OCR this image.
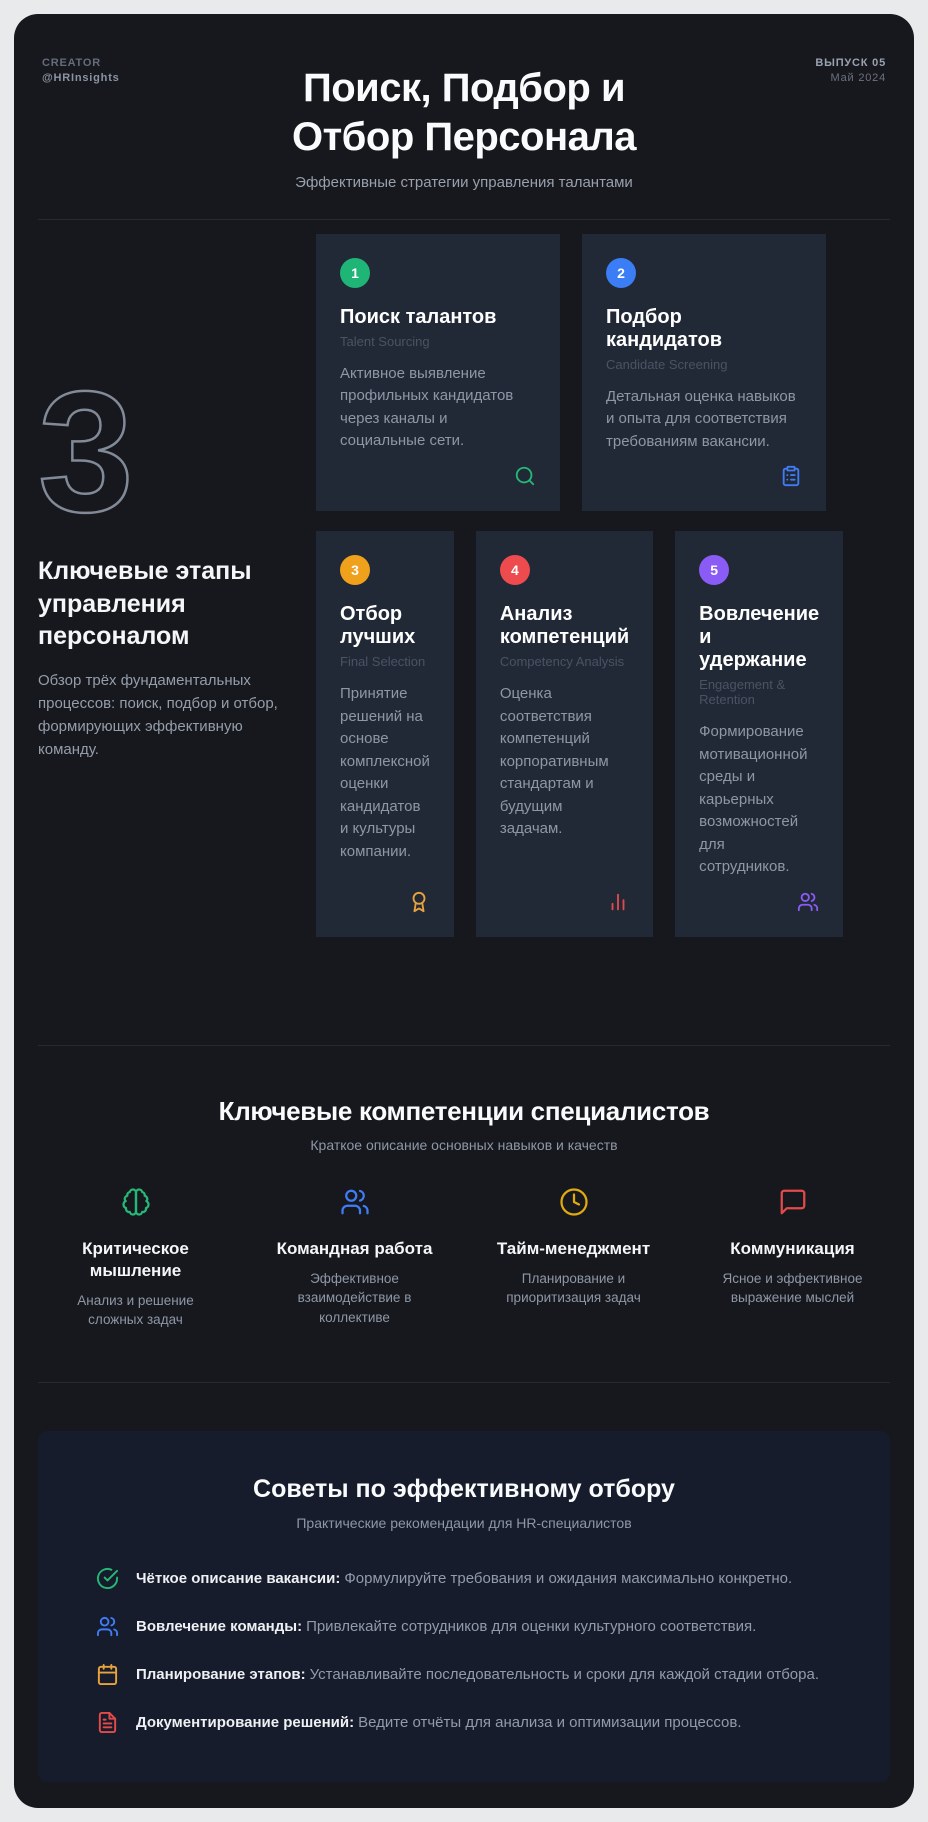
CREATOR
@HRInsights
ВЫПУСК 05
Май 2024
Поиск, Подбор и
Отбор Персонала
Эффективные стратегии управления талантами
3
Ключевые этапы управления персоналом
Обзор трёх фундаментальных процессов: поиск, подбор и отбор, формирующих эффективную команду.
1
Поиск талантов
Talent Sourcing
Активное выявление профильных кандидатов через каналы и социальные сети.
2
Подбор кандидатов
Candidate Screening
Детальная оценка навыков и опыта для соответствия требованиям вакансии.
3
Отбор лучших
Final Selection
Принятие решений на основе комплексной оценки кандидатов и культуры компании.
4
Анализ компетенций
Competency Analysis
Оценка соответствия компетенций корпоративным стандартам и будущим задачам.
5
Вовлечение и удержание
Engagement & Retention
Формирование мотивационной среды и карьерных возможностей для сотрудников.
Ключевые компетенции специалистов
Краткое описание основных навыков и качеств
Критическое мышление
Анализ и решение сложных задач
Командная работа
Эффективное взаимодействие в коллективе
Тайм-менеджмент
Планирование и приоритизация задач
Коммуникация
Ясное и эффективное выражение мыслей
Советы по эффективному отбору
Практические рекомендации для HR-специалистов
Чёткое описание вакансии: Формулируйте требования и ожидания максимально конкретно.
Вовлечение команды: Привлекайте сотрудников для оценки культурного соответствия.
Планирование этапов: Устанавливайте последовательность и сроки для каждой стадии отбора.
Документирование решений: Ведите отчёты для анализа и оптимизации процессов.
